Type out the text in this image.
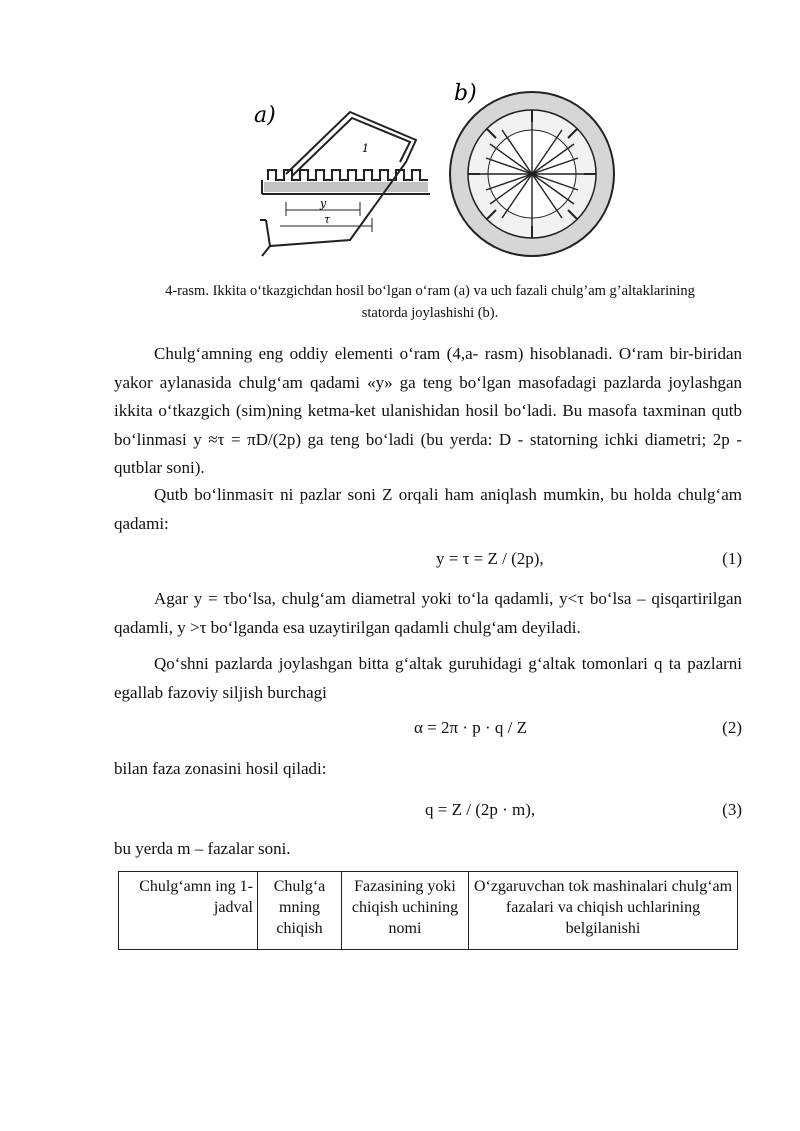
a)
1
y
τ
b)
4-rasm. Ikkita o‘tkazgichdan hosil bo‘lgan o‘ram (a) va uch fazali chulg’am g’altaklarining
statorda joylashishi (b).

Chulg‘amning eng oddiy elementi o‘ram (4,a- rasm) hisoblanadi. O‘ram bir-biridan yakor aylanasida chulg‘am qadami «y» ga teng bo‘lgan masofadagi pazlarda joylashgan ikkita o‘tkazgich (sim)ning ketma-ket ulanishidan hosil bo‘ladi. Bu masofa taxminan qutb bo‘linmasi y ≈τ = πD/(2p) ga teng bo‘ladi (bu yerda: D - statorning ichki diametri; 2p - qutblar soni).

Qutb bo‘linmasiτ ni pazlar soni Z orqali ham aniqlash mumkin, bu holda chulg‘am qadami:

y = τ = Z / (2p),	(1)

Agar y = τbo‘lsa, chulg‘am diametral yoki to‘la qadamli, y<τ bo‘lsa – qisqartirilgan qadamli, y >τ bo‘lganda esa uzaytirilgan qadamli chulg‘am deyiladi.

Qo‘shni pazlarda joylashgan bitta g‘altak guruhidagi g‘altak tomonlari q ta pazlarni egallab fazoviy siljish burchagi

α = 2π · p · q / Z	(2)

bilan faza zonasini hosil qiladi:

q = Z / (2p · m),	(3)

bu yerda m – fazalar soni.

Chulg‘amn ing 1-jadval	Chulg‘a mning chiqish	Fazasining yoki chiqish uchining nomi	O‘zgaruvchan tok mashinalari chulg‘am fazalari va chiqish uchlarining belgilanishi
